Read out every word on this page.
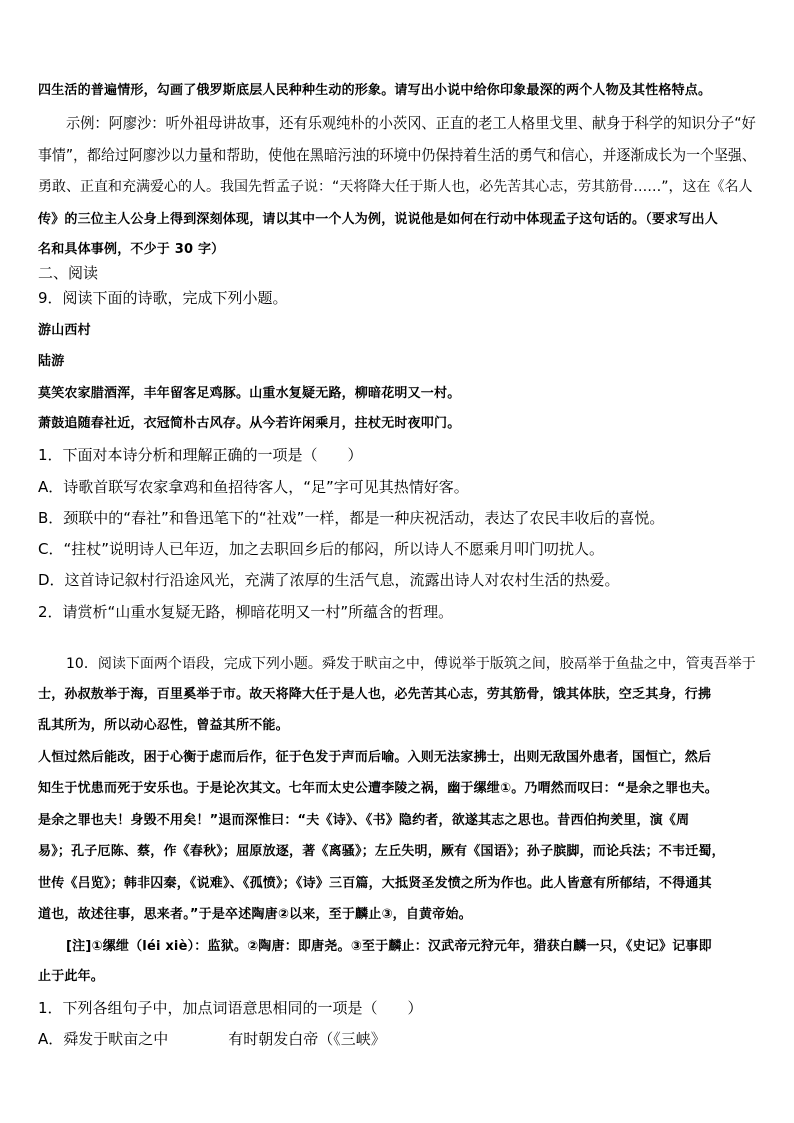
四生活的普遍情形，勾画了俄罗斯底层人民种种生动的形象。请写出小说中给你印象最深的两个人物及其性格特点。
示例：阿廖沙：听外祖母讲故事，还有乐观纯朴的小茨冈、正直的老工人格里戈里、献身于科学的知识分子“好
事情”，都给过阿廖沙以力量和帮助，使他在黑暗污浊的环境中仍保持着生活的勇气和信心，并逐渐成长为一个坚强、
勇敢、正直和充满爱心的人。我国先哲孟子说：“天将降大任于斯人也，必先苦其心志，劳其筋骨……”，这在《名人
传》的三位主人公身上得到深刻体现，请以其中一个人为例，说说他是如何在行动中体现孟子这句话的。（要求写出人
名和具体事例，不少于 30 字）
二、阅读
9．阅读下面的诗歌，完成下列小题。
游山西村
陆游
莫笑农家腊酒浑，丰年留客足鸡豚。山重水复疑无路，柳暗花明又一村。
萧鼓追随春社近，衣冠简朴古风存。从今若许闲乘月，拄杖无时夜叩门。
1．下面对本诗分析和理解正确的一项是（　　）
A．诗歌首联写农家拿鸡和鱼招待客人，“足”字可见其热情好客。
B．颈联中的“春社”和鲁迅笔下的“社戏”一样，都是一种庆祝活动，表达了农民丰收后的喜悦。
C．“拄杖”说明诗人已年迈，加之去职回乡后的郁闷，所以诗人不愿乘月叩门叨扰人。
D．这首诗记叙村行沿途风光，充满了浓厚的生活气息，流露出诗人对农村生活的热爱。
2．请赏析“山重水复疑无路，柳暗花明又一村”所蕴含的哲理。
10．阅读下面两个语段，完成下列小题。舜发于畎亩之中，傅说举于版筑之间，胶鬲举于鱼盐之中，管夷吾举于
士，孙叔敖举于海，百里奚举于市。故天将降大任于是人也，必先苦其心志，劳其筋骨，饿其体肤，空乏其身，行拂
乱其所为，所以动心忍性，曾益其所不能。
人恒过然后能改，困于心衡于虑而后作，征于色发于声而后喻。入则无法家拂士，出则无敌国外患者，国恒亡，然后
知生于忧患而死于安乐也。于是论次其文。七年而太史公遭李陵之祸，幽于缧绁①。乃喟然而叹曰：“是余之罪也夫。
是余之罪也夫！身毁不用矣！”退而深惟曰：“夫《诗》、《书》隐约者，欲遂其志之思也。昔西伯拘羑里，演《周
易》；孔子厄陈、蔡，作《春秋》；屈原放逐，著《离骚》；左丘失明，厥有《国语》；孙子膑脚，而论兵法；不韦迁蜀，
世传《吕览》；韩非囚秦，《说难》、《孤愤》；《诗》三百篇，大抵贤圣发愤之所为作也。此人皆意有所郁结，不得通其
道也，故述往事，思来者。”于是卒述陶唐②以来，至于麟止③，自黄帝始。
[注]①缧绁（léi xiè）：监狱。②陶唐：即唐尧。③至于麟止：汉武帝元狩元年，猎获白麟一只，《史记》记事即
止于此年。
1．下列各组句子中，加点词语意思相同的一项是（　　）
A．舜发于畎亩之中　　　　有时朝发白帝（《三峡》
